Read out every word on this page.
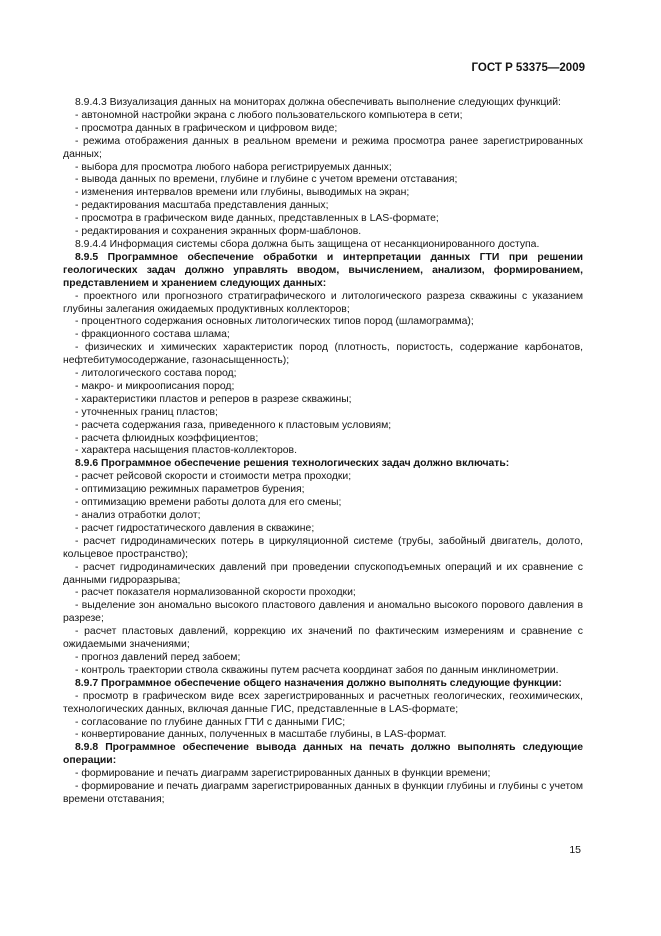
ГОСТ Р 53375—2009

8.9.4.3 Визуализация данных на мониторах должна обеспечивать выполнение следующих функций:

- автономной настройки экрана с любого пользовательского компьютера в сети;

- просмотра данных в графическом и цифровом виде;

- режима отображения данных в реальном времени и режима просмотра ранее зарегистрированных данных;

- выбора для просмотра любого набора регистрируемых данных;

- вывода данных по времени, глубине и глубине с учетом времени отставания;

- изменения интервалов времени или глубины, выводимых на экран;

- редактирования масштаба представления данных;

- просмотра в графическом виде данных, представленных в LAS-формате;

- редактирования и сохранения экранных форм-шаблонов.

8.9.4.4 Информация системы сбора должна быть защищена от несанкционированного доступа.

8.9.5 Программное обеспечение обработки и интерпретации данных ГТИ при решении геологических задач должно управлять вводом, вычислением, анализом, формированием, представлением и хранением следующих данных:

- проектного или прогнозного стратиграфического и литологического разреза скважины с указанием глубины залегания ожидаемых продуктивных коллекторов;

- процентного содержания основных литологических типов пород (шламограмма);

- фракционного состава шлама;

- физических и химических характеристик пород (плотность, пористость, содержание карбонатов, нефтебитумосодержание, газонасыщенность);

- литологического состава пород;

- макро- и микроописания пород;

- характеристики пластов и реперов в разрезе скважины;

- уточненных границ пластов;

- расчета содержания газа, приведенного к пластовым условиям;

- расчета флюидных коэффициентов;

- характера насыщения пластов-коллекторов.

8.9.6 Программное обеспечение решения технологических задач должно включать:

- расчет рейсовой скорости и стоимости метра проходки;

- оптимизацию режимных параметров бурения;

- оптимизацию времени работы долота для его смены;

- анализ отработки долот;

- расчет гидростатического давления в скважине;

- расчет гидродинамических потерь в циркуляционной системе (трубы, забойный двигатель, долото, кольцевое пространство);

- расчет гидродинамических давлений при проведении спускоподъемных операций и их сравнение с данными гидроразрыва;

- расчет показателя нормализованной скорости проходки;

- выделение зон аномально высокого пластового давления и аномально высокого порового давления в разрезе;

- расчет пластовых давлений, коррекцию их значений по фактическим измерениям и сравнение с ожидаемыми значениями;

- прогноз давлений перед забоем;

- контроль траектории ствола скважины путем расчета координат забоя по данным инклинометрии.

8.9.7 Программное обеспечение общего назначения должно выполнять следующие функции:

- просмотр в графическом виде всех зарегистрированных и расчетных геологических, геохимических, технологических данных, включая данные ГИС, представленные в LAS-формате;

- согласование по глубине данных ГТИ с данными ГИС;

- конвертирование данных, полученных в масштабе глубины, в LAS-формат.

8.9.8 Программное обеспечение вывода данных на печать должно выполнять следующие операции:

- формирование и печать диаграмм зарегистрированных данных в функции времени;

- формирование и печать диаграмм зарегистрированных данных в функции глубины и глубины с учетом времени отставания;

15
